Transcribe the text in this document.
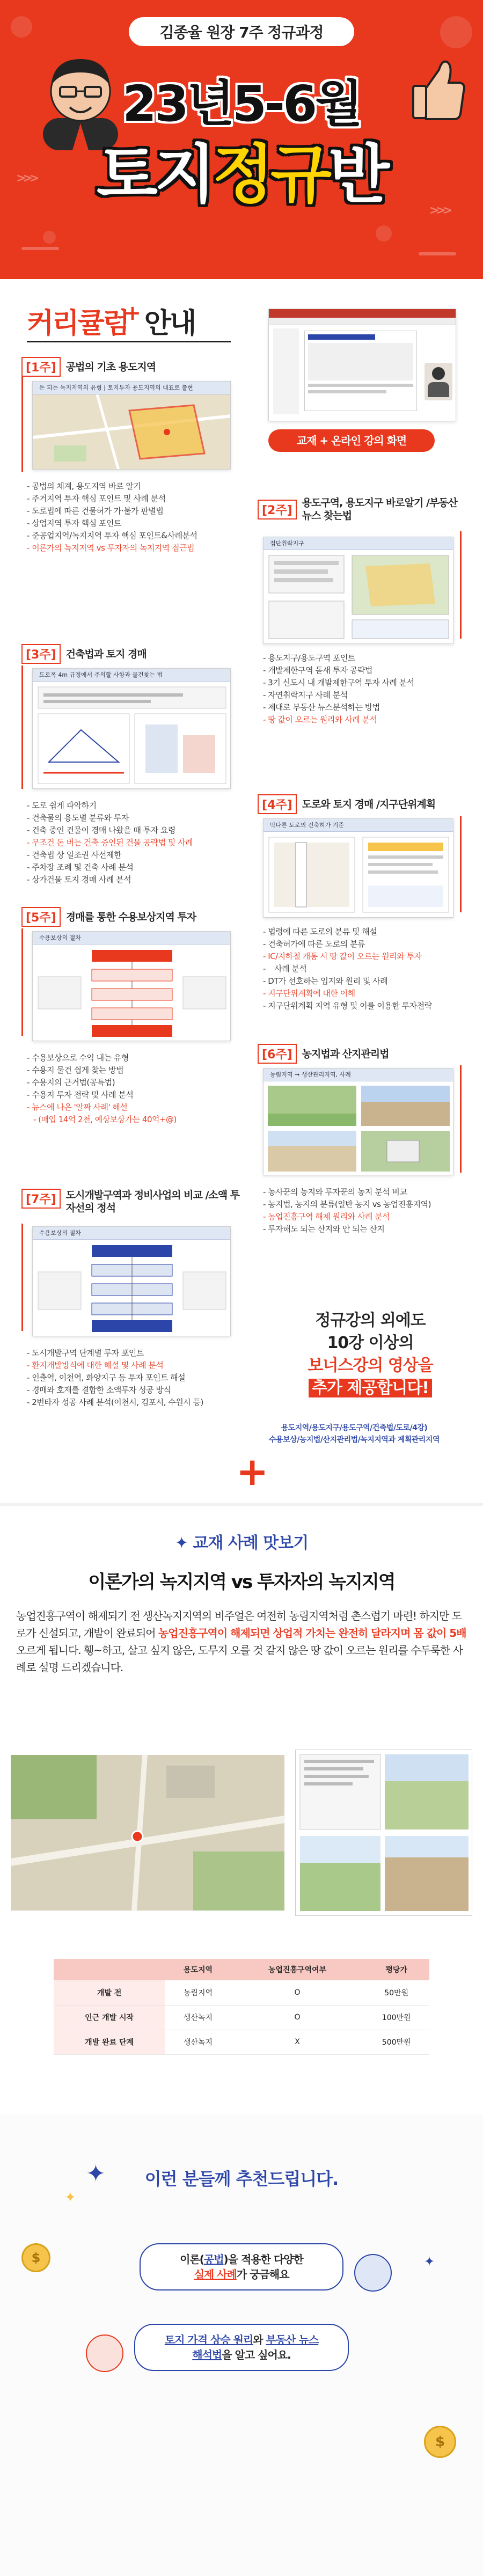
>>>
>>>
김종율 원장 7주 정규과정
23년5-6월
토지정규반
커리큘럼
+ 안내
교재 + 온라인 강의 화면
[1주] 공법의 기초 용도지역
돈 되는 녹지지역의 유형 | 토지투자 용도지역의 대표로 출현
- 공법의 체계, 용도지역 바로 알기
- 주거지역 투자 핵심 포인트 및 사례 분석
- 도로법에 따른 건물허가 가·불가 판별법
- 상업지역 투자 핵심 포인트
- 준공업지역/녹지지역 투자 핵심 포인트&사례분석
- 이론가의 녹지지역 vs 투자자의 녹지지역 접근법
[2주]
용도구역, 용도지구 바로알기 /부동산 뉴스 찾는법
집단취락지구
- 용도지구/용도구역 포인트
- 개발제한구역 돋새 투자 공략법
- 3기 신도시 내 개발제한구역 투자 사례 분석
- 자연취락지구 사례 분석
- 제대로 부동산 뉴스분석하는 방법
- 땅 값이 오르는 원리와 사례 분석
[3주] 건축법과 토지 경매
도로폭 4m 규정에서 주의할 사항과 물건찾는 법
- 도로 쉽게 파악하기
- 건축물의 용도별 분류와 투자
- 건축 중인 건물이 경매 나왔을 때 투자 요령
- 무조건 돈 버는 건축 중인된 건물 공략법 및 사례
- 건축법 상 일조권 사선제한
- 주차장 조례 및 건축 사례 분석
- 상가건물 토지 경매 사례 분석
[4주] 도로와 토지 경매 /지구단위계획
막다른 도로의 건축허가 기준
- 법령에 따른 도로의 분류 및 해설
- 건축허가에 따른 도로의 분류
- IC/지하철 개통 시 땅 값이 오르는 원리와 투자
- 사례 분석
- DT가 선호하는 입지와 원리 및 사례
- 지구단위계획에 대한 이해
- 지구단위계획 지역 유형 및 이를 이용한 투자전략
[5주] 경매를 통한 수용보상지역 투자
수용보상의 절차
- 수용보상으로 수익 내는 유형
- 수용지 물건 쉽게 찾는 방법
- 수용지의 근거법(공특법)
- 수용지 투자 전략 및 사례 분석
- 뉴스에 나온 '알짜 사례' 해설
- (매입 14억 2천, 예상보상가는 40억+@)
[6주] 농지법과 산지관리법
농림지역 → 생산관리지역, 사례
- 농사꾼의 농지와 투자꾼의 농지 분석 비교
- 농지법, 농지의 분류(일반 농지 vs 농업진흥지역)
- 농업진흥구역 해제 원리와 사례 분석
- 투자해도 되는 산지와 안 되는 산지
[7주] 도시개발구역과 정비사업의 비교 /소액 투자선의 정석
수용보상의 절차
- 도시개발구역 단계별 투자 포인트
- 환지개발방식에 대한 해설 및 사례 분석
- 인출역, 이천역, 화양지구 등 투자 포인트 해설
- 경매와 호재를 결합한 소액투자 성공 방식
- 2번타자 성공 사례 분석(이천시, 김포시, 수원시 등)
+
정규강의 외에도
10강 이상의
보너스강의 영상을
추가 제공합니다!
용도지역/용도지구/용도구역/건축법/도로/4강)
수용보상/농지법/산지관리법/녹지지역과 계획관리지역
✦ 교재 사례 맛보기
이론가의 녹지지역 vs 투자자의 녹지지역
농업진흥구역이 해제되기 전 생산녹지지역의 비주얼은 여전히 농림지역처럼 촌스럽기 마련! 하지만 도로가 신설되고, 개발이 완료되어 농업진흥구역이 해제되면 상업적 가치는 완전히 달라지며 몸 값이 5배 오르게 됩니다. 휑~하고, 살고 싶지 않은, 도무지 오를 것 같지 않은 땅 값이 오르는 원리를 수두룩한 사례로 설명 드리겠습니다.
	용도지역	농업진흥구역여부	평당가
개발 전	농림지역	O	50만원
인근 개발 시작	생산녹지	O	100만원
개발 완료 단계	생산녹지	X	500만원
✦
✦
이런 분들께 추천드립니다.
$
$
✦
이론(공법)을 적용한 다양한
실제 사례가 궁금해요
토지 가격 상승 원리와 부동산 뉴스
해석법을 알고 싶어요.
